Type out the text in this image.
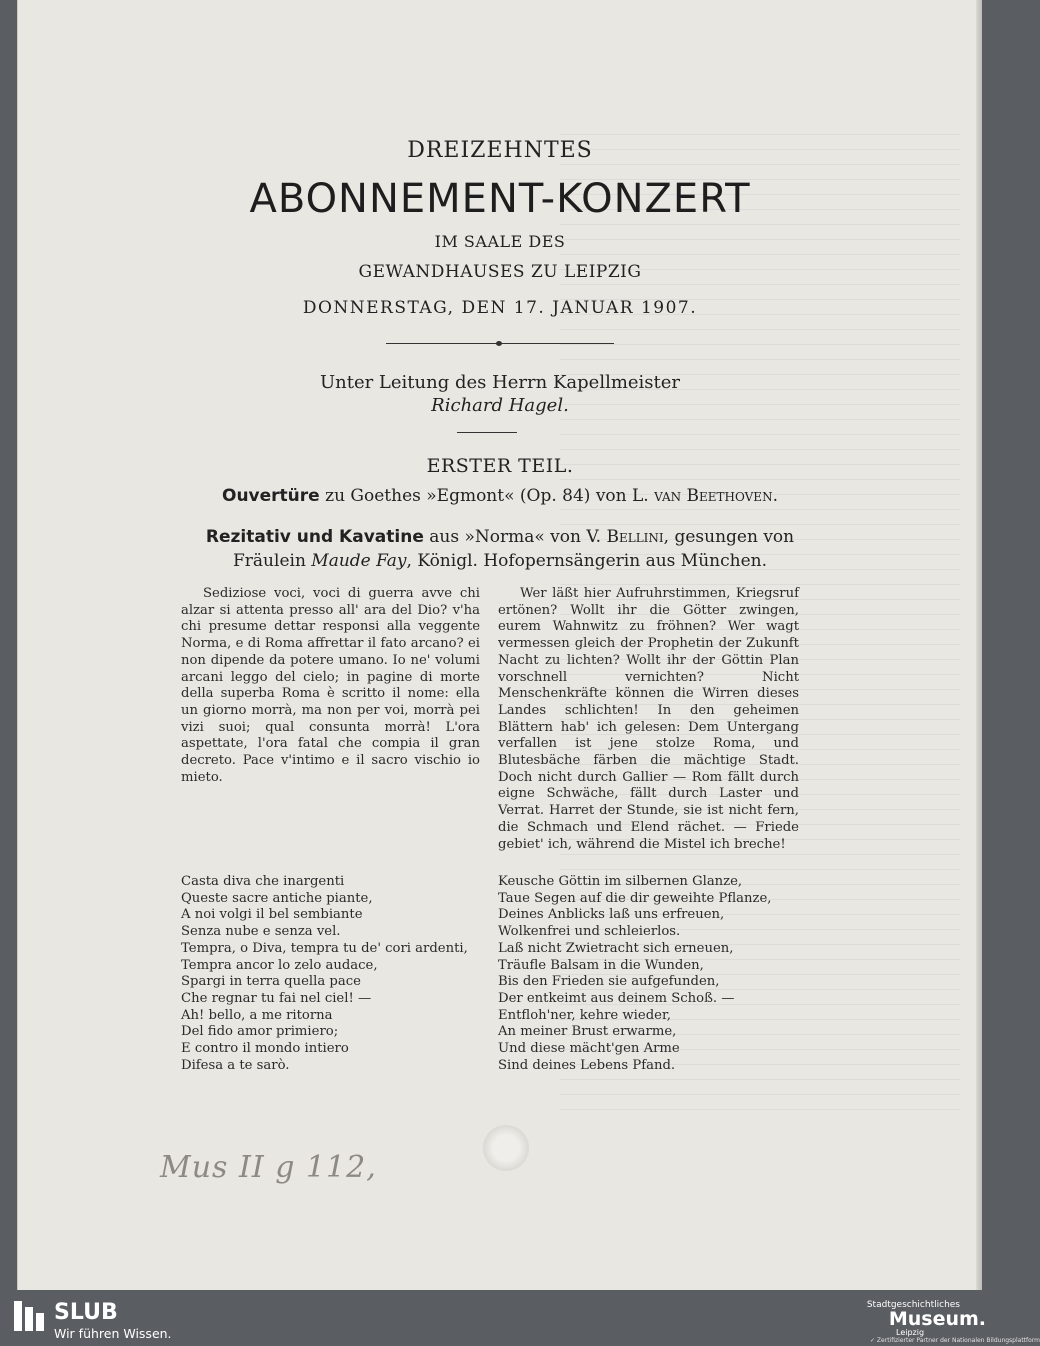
DREIZEHNTES
ABONNEMENT-KONZERT
IM SAALE DES
GEWANDHAUSES ZU LEIPZIG
DONNERSTAG, DEN 17. JANUAR 1907.
Unter Leitung des Herrn Kapellmeister
Richard Hagel.
ERSTER TEIL.
Ouvertüre zu Goethes »Egmont« (Op. 84) von L. van Beethoven.
Rezitativ und Kavatine aus »Norma« von V. Bellini, gesungen von
Fräulein Maude Fay, Königl. Hofopernsängerin aus München.

Sediziose voci, voci di guerra avve chi alzar si attenta presso all' ara del Dio? v'ha chi presume dettar responsi alla veggente Norma, e di Roma affrettar il fato arcano? ei non dipende da potere umano. Io ne' volumi arcani leggo del cielo; in pagine di morte della superba Roma è scritto il nome: ella un giorno morrà, ma non per voi, morrà pei vizi suoi; qual consunta morrà! L'ora aspettate, l'ora fatal che compia il gran decreto. Pace v'intimo e il sacro vischio io mieto.

Wer läßt hier Aufruhrstimmen, Kriegsruf ertönen? Wollt ihr die Götter zwingen, eurem Wahnwitz zu fröhnen? Wer wagt vermessen gleich der Prophetin der Zukunft Nacht zu lichten? Wollt ihr der Göttin Plan vorschnell vernichten? Nicht Menschenkräfte können die Wirren dieses Landes schlichten! In den geheimen Blättern hab' ich gelesen: Dem Untergang verfallen ist jene stolze Roma, und Blutesbäche färben die mächtige Stadt. Doch nicht durch Gallier — Rom fällt durch eigne Schwäche, fällt durch Laster und Verrat. Harret der Stunde, sie ist nicht fern, die Schmach und Elend rächet. — Friede gebiet' ich, während die Mistel ich breche!

Casta diva che inargenti
Queste sacre antiche piante,
A noi volgi il bel sembiante
Senza nube e senza vel.
Tempra, o Diva, tempra tu de' cori ardenti,
Tempra ancor lo zelo audace,
Spargi in terra quella pace
Che regnar tu fai nel ciel! —
Ah! bello, a me ritorna
Del fido amor primiero;
E contro il mondo intiero
Difesa a te sarò.
Keusche Göttin im silbernen Glanze,
Taue Segen auf die dir geweihte Pflanze,
Deines Anblicks laß uns erfreuen,
Wolkenfrei und schleierlos.
Laß nicht Zwietracht sich erneuen,
Träufle Balsam in die Wunden,
Bis den Frieden sie aufgefunden,
Der entkeimt aus deinem Schoß. —
Entfloh'ner, kehre wieder,
An meiner Brust erwarme,
Und diese mächt'gen Arme
Sind deines Lebens Pfand.
Mus II g 112,
SLUB
Wir führen Wissen.
Stadtgeschichtliches
Museum.
Leipzig
✓ Zertifizierter Partner der Nationalen Bildungsplattform
